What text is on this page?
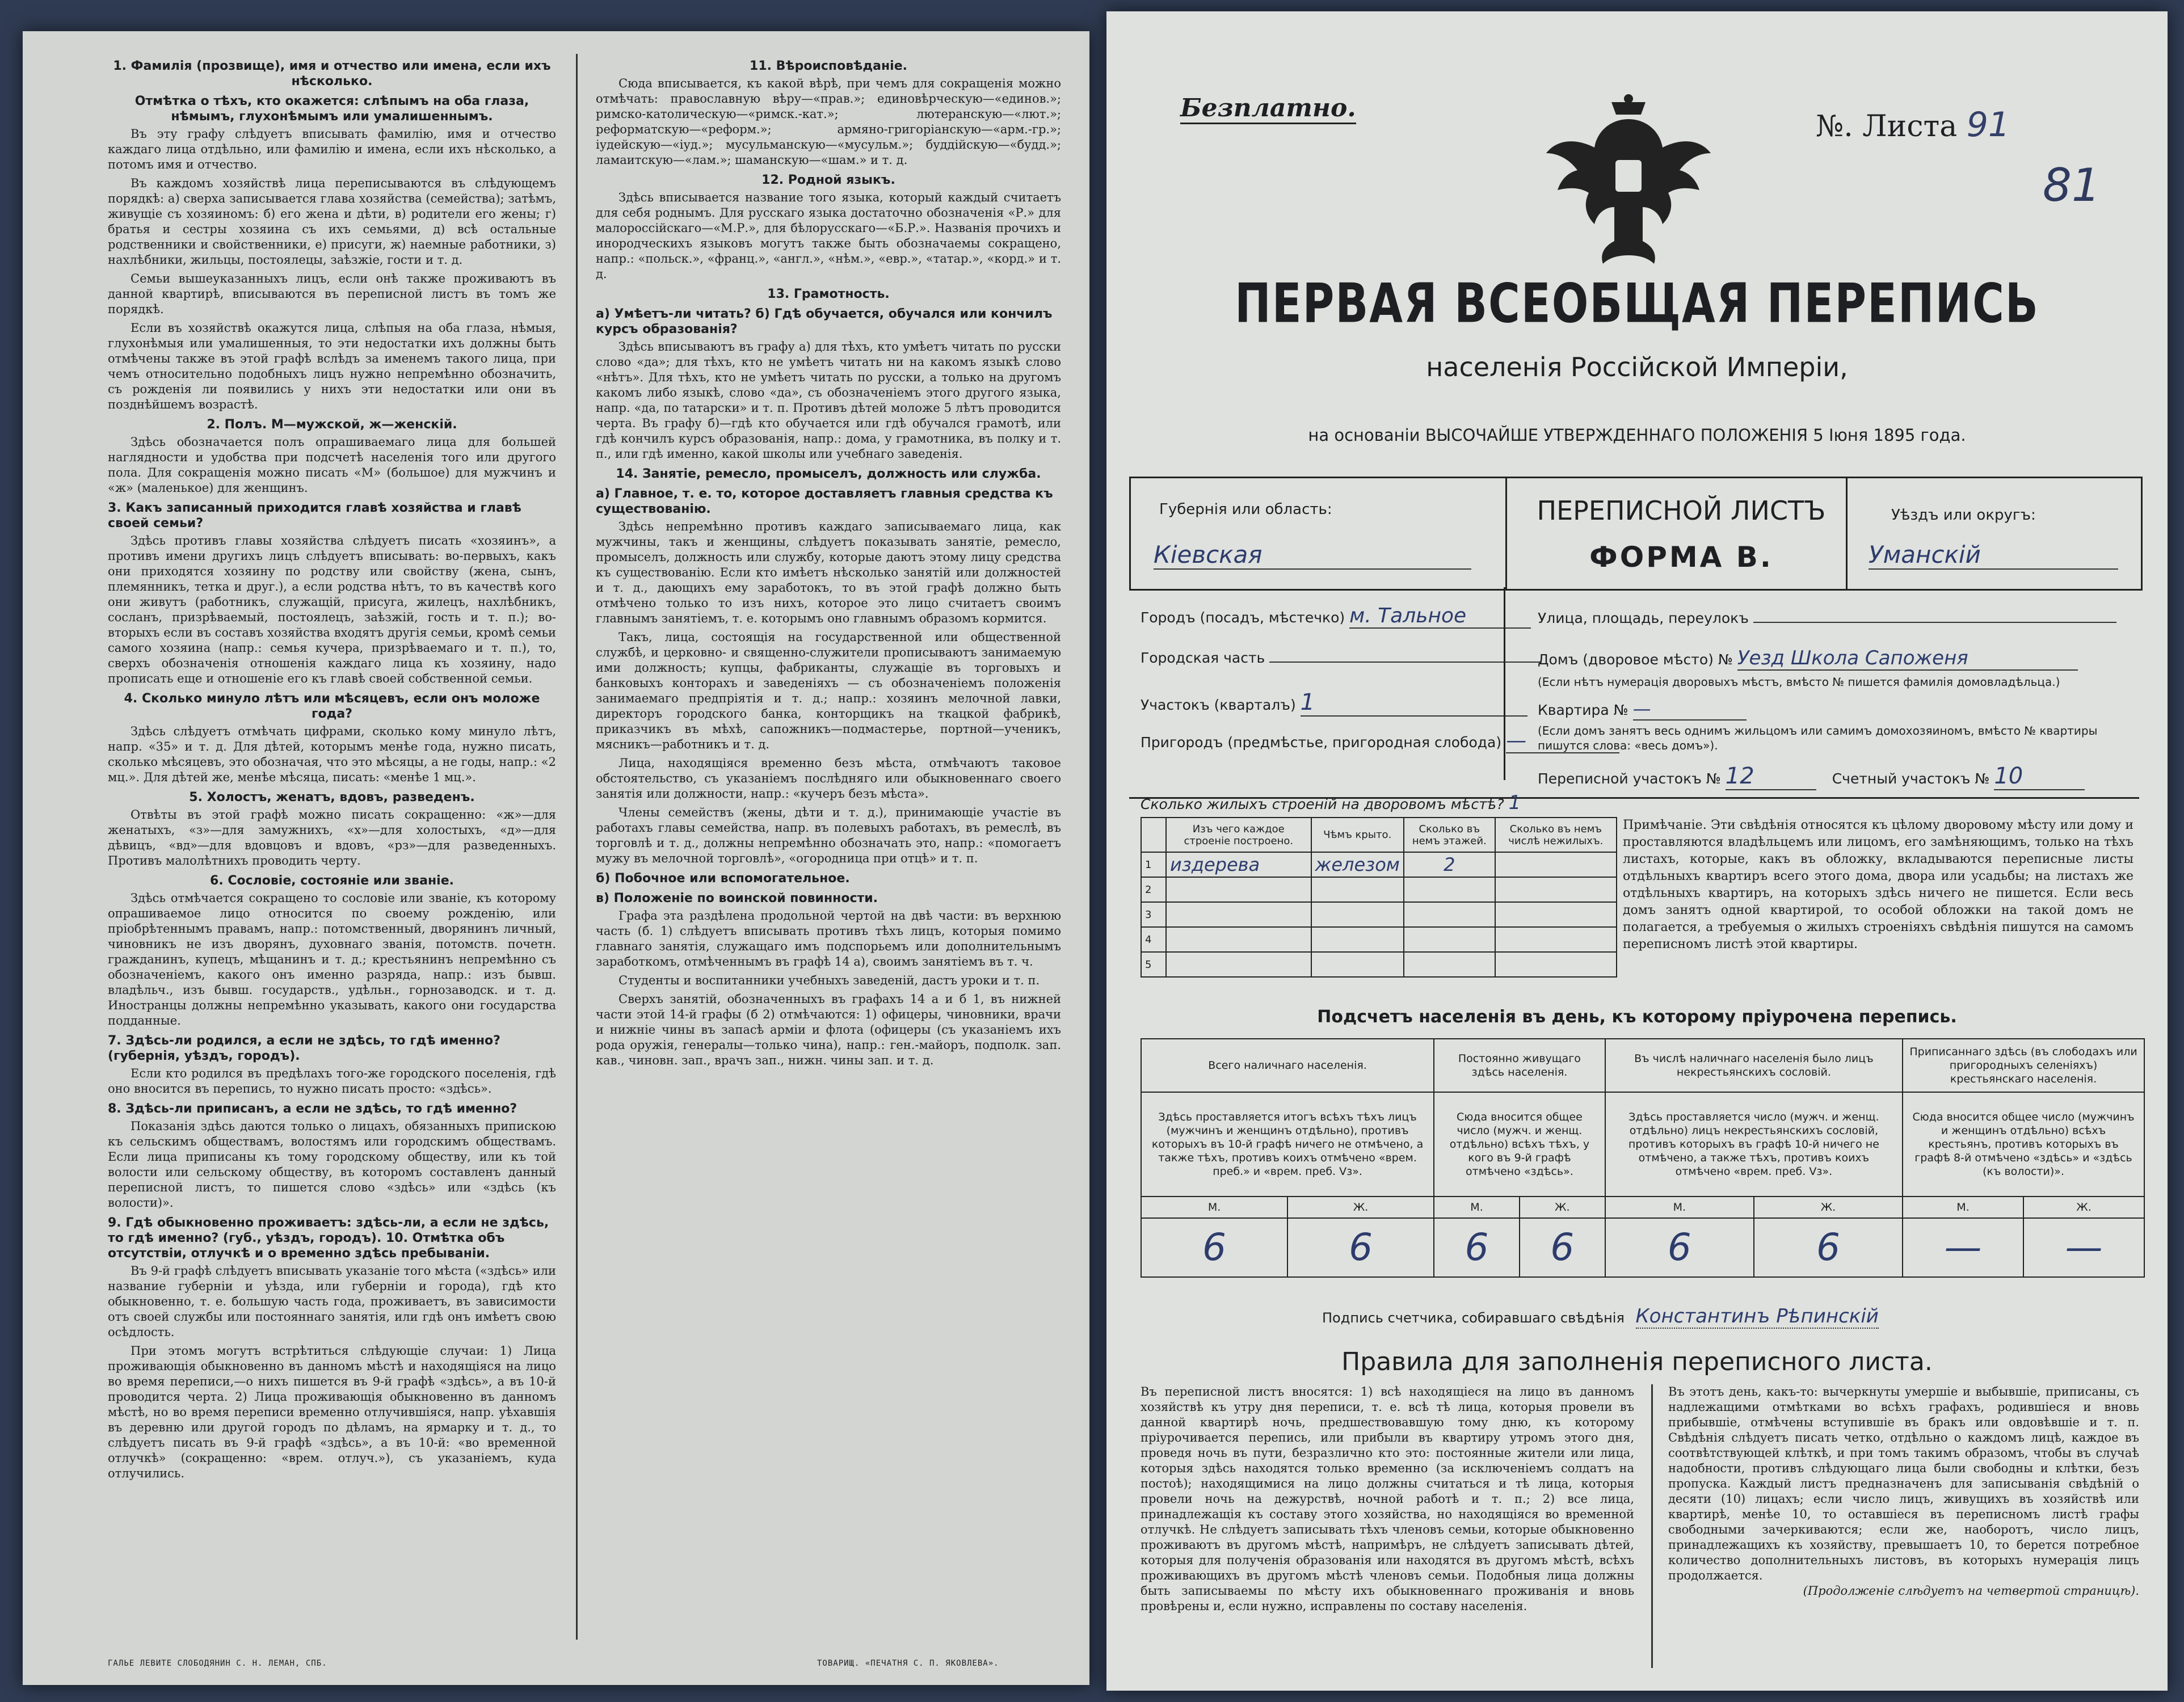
1. Фамилія (прозвище), имя и отчество или имена, если ихъ нѣсколько.
Отмѣтка о тѣхъ, кто окажется: слѣпымъ на оба глаза, нѣмымъ, глухонѣмымъ или умалишеннымъ.
Въ эту графу слѣдуетъ вписывать фамилію, имя и отчество каждаго лица отдѣльно, или фамилію и имена, если ихъ нѣсколько, а потомъ имя и отчество.
Въ каждомъ хозяйствѣ лица переписываются въ слѣдующемъ порядкѣ: а) сверха записывается глава хозяйства (семейства); затѣмъ, живущіе съ хозяиномъ: б) его жена и дѣти, в) родители его жены; г) братья и сестры хозяина съ ихъ семьями, д) всѣ остальные родственники и свойственники, е) присуги, ж) наемные работники, з) нахлѣбники, жильцы, постоялецы, заѣзжіе, гости и т. д.
Семьи вышеуказанныхъ лицъ, если онѣ также проживаютъ въ данной квартирѣ, вписываются въ переписной листъ въ томъ же порядкѣ.
Если въ хозяйствѣ окажутся лица, слѣпыя на оба глаза, нѣмыя, глухонѣмыя или умалишенныя, то эти недостатки ихъ должны быть отмѣчены также въ этой графѣ вслѣдъ за именемъ такого лица, при чемъ относительно подобныхъ лицъ нужно непремѣнно обозначить, съ рожденія ли появились у нихъ эти недостатки или они въ позднѣйшемъ возрастѣ.
2. Полъ. М—мужской, ж—женскій.
Здѣсь обозначается полъ опрашиваемаго лица для большей наглядности и удобства при подсчетѣ населенія того или другого пола. Для сокращенія можно писать «М» (большое) для мужчинъ и «ж» (маленькое) для женщинъ.
3. Какъ записанный приходится главѣ хозяйства и главѣ своей семьи?
Здѣсь противъ главы хозяйства слѣдуетъ писать «хозяинъ», а противъ имени другихъ лицъ слѣдуетъ вписывать: во-первыхъ, какъ они приходятся хозяину по родству или свойству (жена, сынъ, племянникъ, тетка и друг.), а если родства нѣтъ, то въ качествѣ кого они живутъ (работникъ, служащій, присуга, жилецъ, нахлѣбникъ, сосланъ, призрѣваемый, постоялецъ, заѣзжій, гость и т. п.); во-вторыхъ если въ составъ хозяйства входятъ другія семьи, кромѣ семьи самого хозяина (напр.: семья кучера, призрѣваемаго и т. п.), то, сверхъ обозначенія отношенія каждаго лица къ хозяину, надо прописать еще и отношеніе его къ главѣ своей собственной семьи.
4. Сколько минуло лѣтъ или мѣсяцевъ, если онъ моложе года?
Здѣсь слѣдуетъ отмѣчать цифрами, сколько кому минуло лѣтъ, напр. «35» и т. д. Для дѣтей, которымъ менѣе года, нужно писать, сколько мѣсяцевъ, это обозначая, что это мѣсяцы, а не годы, напр.: «2 мц.». Для дѣтей же, менѣе мѣсяца, писать: «менѣе 1 мц.».
5. Холостъ, женатъ, вдовъ, разведенъ.
Отвѣты въ этой графѣ можно писать сокращенно: «ж»—для женатыхъ, «з»—для замужнихъ, «х»—для холостыхъ, «д»—для дѣвицъ, «вд»—для вдовцовъ и вдовъ, «рз»—для разведенныхъ. Противъ малолѣтнихъ проводить черту.
6. Сословіе, состояніе или званіе.
Здѣсь отмѣчается сокращено то сословіе или званіе, къ которому опрашиваемое лицо относится по своему рожденію, или пріобрѣтеннымъ правамъ, напр.: потомственный, дворянинъ личный, чиновникъ не изъ дворянъ, духовнаго званія, потомств. почетн. гражданинъ, купецъ, мѣщанинъ и т. д.; крестьянинъ непремѣнно съ обозначеніемъ, какого онъ именно разряда, напр.: изъ бывш. владѣльч., изъ бывш. государств., удѣльн., горнозаводск. и т. д. Иностранцы должны непремѣнно указывать, какого они государства подданные.
7. Здѣсь-ли родился, а если не здѣсь, то гдѣ именно? (губернія, уѣздъ, городъ).
Если кто родился въ предѣлахъ того-же городского поселенія, гдѣ оно вносится въ перепись, то нужно писать просто: «здѣсь».
8. Здѣсь-ли приписанъ, а если не здѣсь, то гдѣ именно?
Показанія здѣсь даются только о лицахъ, обязанныхъ припискою къ сельскимъ обществамъ, волостямъ или городскимъ обществамъ. Если лица приписаны къ тому городскому обществу, или къ той волости или сельскому обществу, въ которомъ составленъ данный переписной листъ, то пишется слово «здѣсь» или «здѣсь (къ волости)».
9. Гдѣ обыкновенно проживаетъ: здѣсь-ли, а если не здѣсь, то гдѣ именно? (губ., уѣздъ, городъ). 10. Отмѣтка объ отсутствіи, отлучкѣ и о временно здѣсь пребываніи.
Въ 9-й графѣ слѣдуетъ вписывать указаніе того мѣста («здѣсь» или название губерніи и уѣзда, или губерніи и города), гдѣ кто обыкновенно, т. е. большую часть года, проживаетъ, въ зависимости отъ своей службы или постояннаго занятія, или гдѣ онъ имѣетъ свою осѣдлость.
При этомъ могутъ встрѣтиться слѣдующіе случаи: 1) Лица проживающія обыкновенно въ данномъ мѣстѣ и находящіяся на лицо во время переписи,—о нихъ пишется въ 9-й графѣ «здѣсь», а въ 10-й проводится черта. 2) Лица проживающія обыкновенно въ данномъ мѣстѣ, но во время переписи временно отлучившіяся, напр. уѣхавшія въ деревню или другой городъ по дѣламъ, на ярмарку и т. д., то слѣдуетъ писать въ 9-й графѣ «здѣсь», а въ 10-й: «во временной отлучкѣ» (сокращенно: «врем. отлуч.»), съ указаніемъ, куда отлучились.
11. Вѣроисповѣданіе.
Сюда вписывается, къ какой вѣрѣ, при чемъ для сокращенія можно отмѣчать: православную вѣру—«прав.»; единовѣрческую—«единов.»; римско-католическую—«римск.-кат.»; лютеранскую—«лют.»; реформатскую—«реформ.»; армяно-григоріанскую—«арм.-гр.»; іудейскую—«іуд.»; мусульманскую—«мусульм.»; буддійскую—«будд.»; ламаитскую—«лам.»; шаманскую—«шам.» и т. д.
12. Родной языкъ.
Здѣсь вписывается название того языка, который каждый считаетъ для себя роднымъ. Для русскаго языка достаточно обозначенія «Р.» для малороссійскаго—«М.Р.», для бѣлорусскаго—«Б.Р.». Названія прочихъ и инородческихъ языковъ могутъ также быть обозначаемы сокращено, напр.: «польск.», «франц.», «англ.», «нѣм.», «евр.», «татар.», «корд.» и т. д.
13. Грамотность.
а) Умѣетъ-ли читать? б) Гдѣ обучается, обучался или кончилъ курсъ образованія?
Здѣсь вписываютъ въ графу а) для тѣхъ, кто умѣетъ читать по русски слово «да»; для тѣхъ, кто не умѣетъ читать ни на какомъ языкѣ слово «нѣтъ». Для тѣхъ, кто не умѣетъ читать по русски, а только на другомъ какомъ либо языкѣ, слово «да», съ обозначеніемъ этого другого языка, напр. «да, по татарски» и т. п. Противъ дѣтей моложе 5 лѣтъ проводится черта. Въ графу б)—гдѣ кто обучается или гдѣ обучался грамотѣ, или гдѣ кончилъ курсъ образованія, напр.: дома, у грамотника, въ полку и т. п., или гдѣ именно, какой школы или учебнаго заведенія.
14. Занятіе, ремесло, промыселъ, должность или служба.
а) Главное, т. е. то, которое доставляетъ главныя средства къ существованію.
Здѣсь непремѣнно противъ каждаго записываемаго лица, как мужчины, такъ и женщины, слѣдуетъ показывать занятіе, ремесло, промыселъ, должность или службу, которые даютъ этому лицу средства къ существованію. Если кто имѣетъ нѣсколько занятій или должностей и т. д., дающихъ ему заработокъ, то въ этой графѣ должно быть отмѣчено только то изъ нихъ, которое это лицо считаетъ своимъ главнымъ занятіемъ, т. е. которымъ оно главнымъ образомъ кормится.
Такъ, лица, состоящія на государственной или общественной службѣ, и церковно- и священно-служители прописываютъ занимаемую ими должность; купцы, фабриканты, служащіе въ торговыхъ и банковыхъ конторахъ и заведеніяхъ — съ обозначеніемъ положенія занимаемаго предпріятія и т. д.; напр.: хозяинъ мелочной лавки, директоръ городского банка, конторщикъ на ткацкой фабрикѣ, приказчикъ въ мѣхѣ, сапожникъ—подмастерье, портной—ученикъ, мясникъ—работникъ и т. д.
Лица, находящіяся временно безъ мѣста, отмѣчаютъ таковое обстоятельство, съ указаніемъ послѣдняго или обыкновеннаго своего занятія или должности, напр.: «кучеръ безъ мѣста».
Члены семействъ (жены, дѣти и т. д.), принимающіе участіе въ работахъ главы семейства, напр. въ полевыхъ работахъ, въ ремеслѣ, въ торговлѣ и т. д., должны непремѣнно обозначать это, напр.: «помогаетъ мужу въ мелочной торговлѣ», «огородница при отцѣ» и т. п.
б) Побочное или вспомогательное.
в) Положеніе по воинской повинности.
Графа эта раздѣлена продольной чертой на двѣ части: въ верхнюю часть (б. 1) слѣдуетъ вписывать противъ тѣхъ лицъ, которыя помимо главнаго занятія, служащаго имъ подспорьемъ или дополнительнымъ заработкомъ, отмѣченнымъ въ графѣ 14 а), своимъ занятіемъ въ т. ч.
Студенты и воспитанники учебныхъ заведеній, дастъ уроки и т. п.
Сверхъ занятій, обозначенныхъ въ графахъ 14 а и б 1, въ нижней части этой 14-й графы (б 2) отмѣчаются: 1) офицеры, чиновники, врачи и нижніе чины въ запасѣ арміи и флота (офицеры (съ указаніемъ ихъ рода оружія, генералы—только чина), напр.: ген.-майоръ, подполк. зап. кав., чиновн. зап., врачъ зап., нижн. чины зап. и т. д.
ГАЛЬЕ ЛЕВИТЕ СЛОБОДЯНИН С. Н. ЛЕМАН, СПБ.	ТОВАРИЩ. «ПЕЧАТНЯ С. П. ЯКОВЛЕВА».
Безплатно.
№. Листа 91
81
ПЕРВАЯ ВСЕОБЩАЯ ПЕРЕПИСЬ
населенія Россійской Имперіи,
на основаніи ВЫСОЧАЙШЕ УТВЕРЖДЕННАГО ПОЛОЖЕНІЯ 5 Іюня 1895 года.
Губернія или область:
Кіевская
ПЕРЕПИСНОЙ ЛИСТЪ
ФОРМА В.
Уѣздъ или округъ:
Уманскій
Городъ (посадъ, мѣстечко) м. Тальное
Городская часть
Участокъ (кварталъ) 1
Пригородъ (предмѣстье, пригородная слобода) —
Улица, площадь, переулокъ
Домъ (дворовое мѣсто) № Уезд Школа Сапоженя
(Если нѣтъ нумерація дворовыхъ мѣстъ, вмѣсто № пишется фамилія домовладѣльца.)
Квартира № —
(Если домъ занятъ весь однимъ жильцомъ или самимъ домохозяиномъ, вмѣсто № квартиры пишутся слова: «весь домъ»).
Переписной участокъ № 12	Счетный участокъ № 10
Сколько жилыхъ строеній на дворовомъ мѣстѣ? 1
	Изъ чего каждое строеніе построено.	Чѣмъ крыто.	Сколько въ немъ этажей.	Сколько въ немъ числѣ нежилыхъ.
1	издерева	железом	2	
2				
3				
4				
5				
Примѣчаніе. Эти свѣдѣнія относятся къ цѣлому дворовому мѣсту или дому и проставляются владѣльцемъ или лицомъ, его замѣняющимъ, только на тѣхъ листахъ, которые, какъ въ обложку, вкладываются переписные листы отдѣльныхъ квартиръ всего этого дома, двора или усадьбы; на листахъ же отдѣльныхъ квартиръ, на которыхъ здѣсь ничего не пишется. Если весь домъ занятъ одной квартирой, то особой обложки на такой домъ не полагается, а требуемыя о жилыхъ строеніяхъ свѣдѣнія пишутся на самомъ переписномъ листѣ этой квартиры.
Подсчетъ населенія въ день, къ которому пріурочена перепись.
Всего наличнаго населенія.		Постоянно живущаго здѣсь населенія.		Въ числѣ наличнаго населенія было лицъ некрестьянскихъ сословій.		Приписаннаго здѣсь (въ слободахъ или пригородныхъ селеніяхъ) крестьянскаго населенія.	
Здѣсь проставляется итогъ всѣхъ тѣхъ лицъ (мужчинъ и женщинъ отдѣльно), противъ которыхъ въ 10-й графѣ ничего не отмѣчено, а также тѣхъ, противъ коихъ отмѣчено «врем. преб.» и «врем. преб. Vз».		Сюда вносится общее число (мужч. и женщ. отдѣльно) всѣхъ тѣхъ, у кого въ 9-й графѣ отмѣчено «здѣсь».		Здѣсь проставляется число (мужч. и женщ. отдѣльно) лицъ некрестьянскихъ сословій, противъ которыхъ въ графѣ 10-й ничего не отмѣчено, а также тѣхъ, противъ коихъ отмѣчено «врем. преб. Vз».		Сюда вносится общее число (мужчинъ и женщинъ отдѣльно) всѣхъ крестьянъ, противъ которыхъ въ графѣ 8-й отмѣчено «здѣсь» и «здѣсь (къ волости)».	
М.	Ж.	М.	Ж.	М.	Ж.	М.	Ж.
6	6	6	6	6	6	—	—
Подпись счетчика, собиравшаго свѣдѣнія Константинъ Рѣпинскій
Правила для заполненія переписного листа.
Въ переписной листъ вносятся: 1) всѣ находящіеся на лицо въ данномъ хозяйствѣ къ утру дня переписи, т. е. всѣ тѣ лица, которыя провели въ данной квартирѣ ночь, предшествовавшую тому дню, къ которому пріурочивается перепись, или прибыли въ квартиру утромъ этого дня, проведя ночь въ пути, безразлично кто это: постоянные жители или лица, которыя здѣсь находятся только временно (за исключеніемъ солдатъ на постоѣ); находящимися на лицо должны считаться и тѣ лица, которыя провели ночь на дежурствѣ, ночной работѣ и т. п.; 2) все лица, принадлежащія къ составу этого хозяйства, но находящіяся во временной отлучкѣ. Не слѣдуетъ записывать тѣхъ членовъ семьи, которые обыкновенно проживаютъ въ другомъ мѣстѣ, напримѣръ, не слѣдуетъ записывать дѣтей, которыя для полученія образованія или находятся въ другомъ мѣстѣ, всѣхъ проживающихъ въ другомъ мѣстѣ членовъ семьи. Подобныя лица должны быть записываемы по мѣсту ихъ обыкновеннаго проживанія и вновь провѣрены и, если нужно, исправлены по составу населенія.
Въ этотъ день, какъ-то: вычеркнуты умершіе и выбывшіе, приписаны, съ надлежащими отмѣтками во всѣхъ графахъ, родившіеся и вновь прибывшіе, отмѣчены вступившіе въ бракъ или овдовѣвшіе и т. п. Свѣдѣнія слѣдуетъ писать четко, отдѣльно о каждомъ лицѣ, каждое въ соотвѣтствующей клѣткѣ, и при томъ такимъ образомъ, чтобы въ случаѣ надобности, противъ слѣдующаго лица были свободны и клѣтки, безъ пропуска. Каждый листъ предназначенъ для записыванія свѣдѣній о десяти (10) лицахъ; если число лицъ, живущихъ въ хозяйствѣ или квартирѣ, менѣе 10, то оставшіеся въ переписномъ листѣ графы свободными зачеркиваются; если же, наоборотъ, число лицъ, принадлежащихъ къ хозяйству, превышаетъ 10, то берется потребное количество дополнительныхъ листовъ, въ которыхъ нумерація лицъ продолжается.
(Продолженіе слѣдуетъ на четвертой страницѣ).
